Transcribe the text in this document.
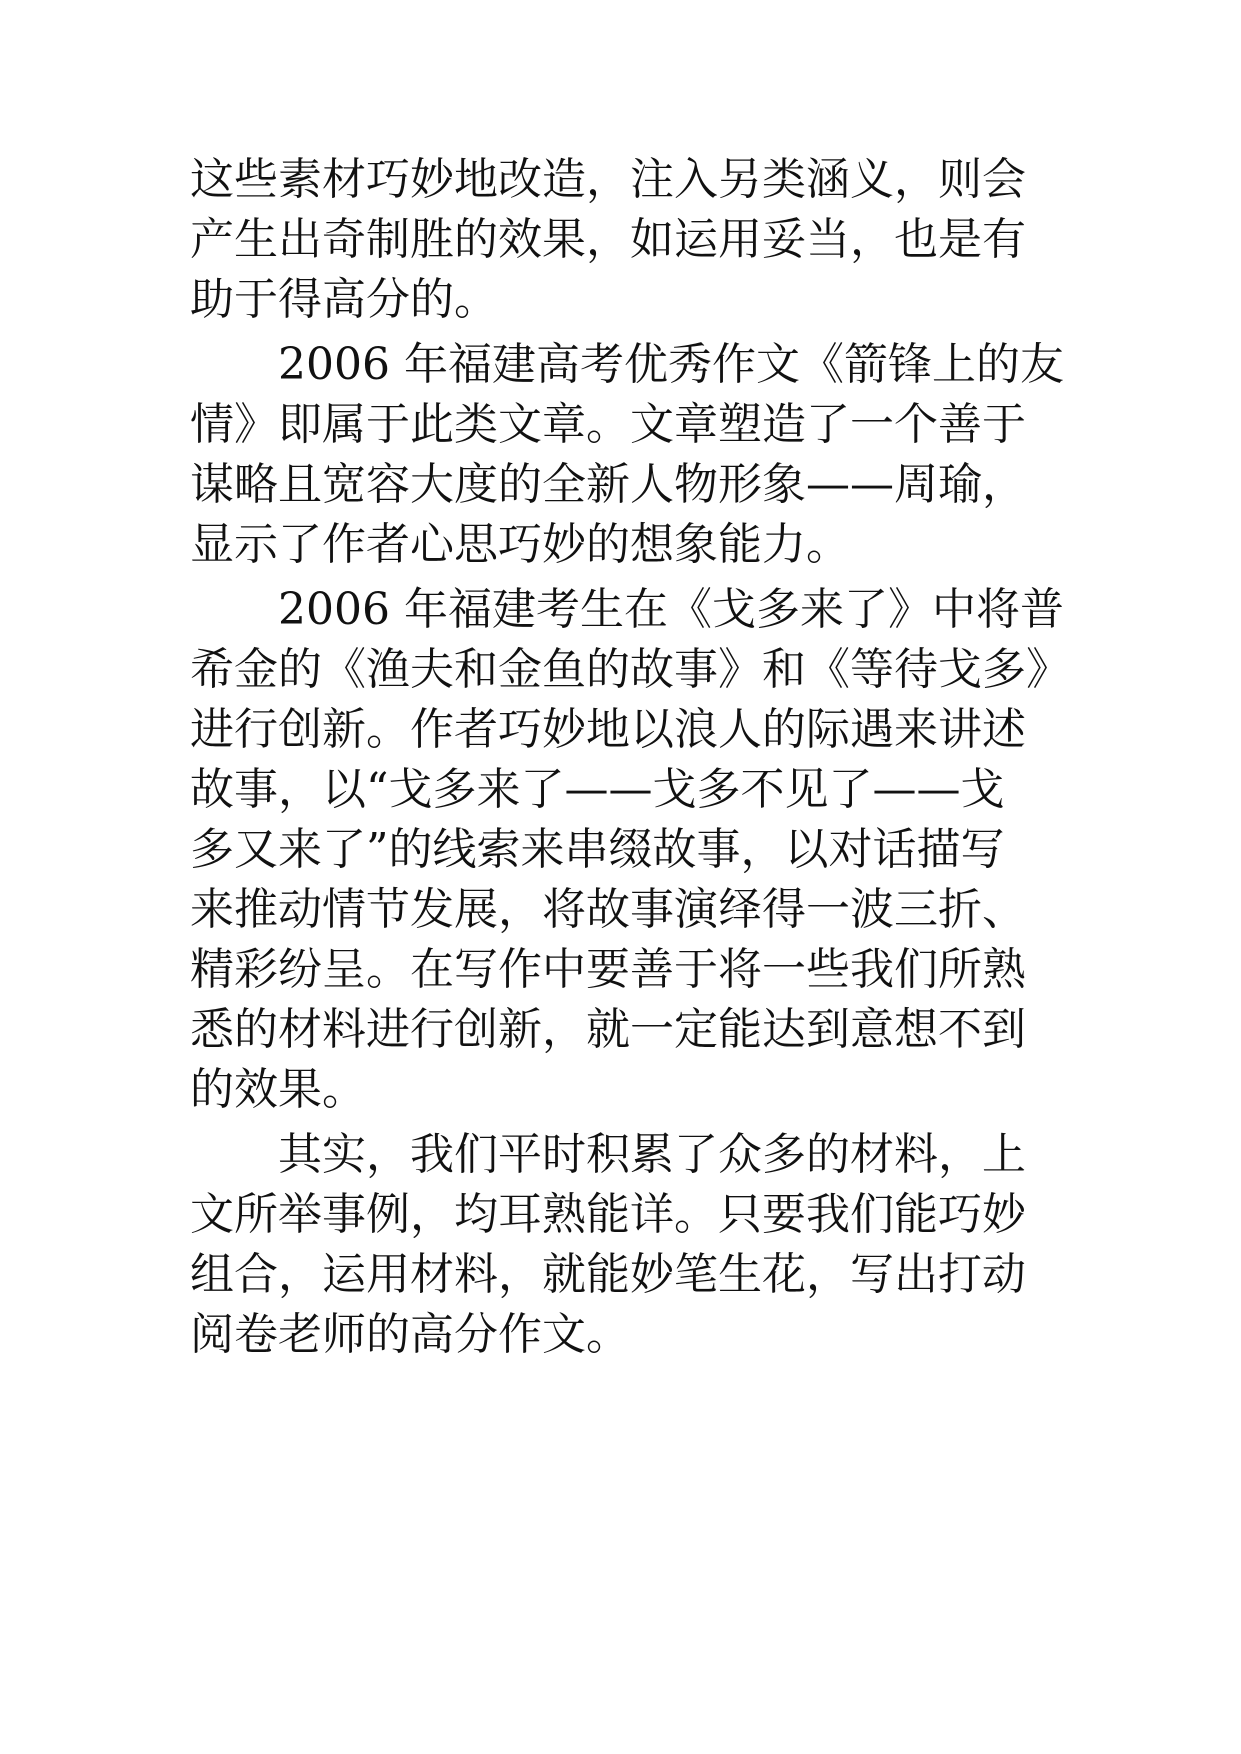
这些素材巧妙地改造，注入另类涵义，则会

产生出奇制胜的效果，如运用妥当，也是有

助于得高分的。

　　2006 年福建高考优秀作文《箭锋上的友

情》即属于此类文章。文章塑造了一个善于

谋略且宽容大度的全新人物形象——周瑜，

显示了作者心思巧妙的想象能力。

　　2006 年福建考生在《戈多来了》中将普

希金的《渔夫和金鱼的故事》和《等待戈多》

进行创新。作者巧妙地以浪人的际遇来讲述

故事，以“戈多来了——戈多不见了——戈

多又来了”的线索来串缀故事，以对话描写

来推动情节发展，将故事演绎得一波三折、

精彩纷呈。在写作中要善于将一些我们所熟

悉的材料进行创新，就一定能达到意想不到

的效果。

　　其实，我们平时积累了众多的材料，上

文所举事例，均耳熟能详。只要我们能巧妙

组合，运用材料，就能妙笔生花，写出打动

阅卷老师的高分作文。
